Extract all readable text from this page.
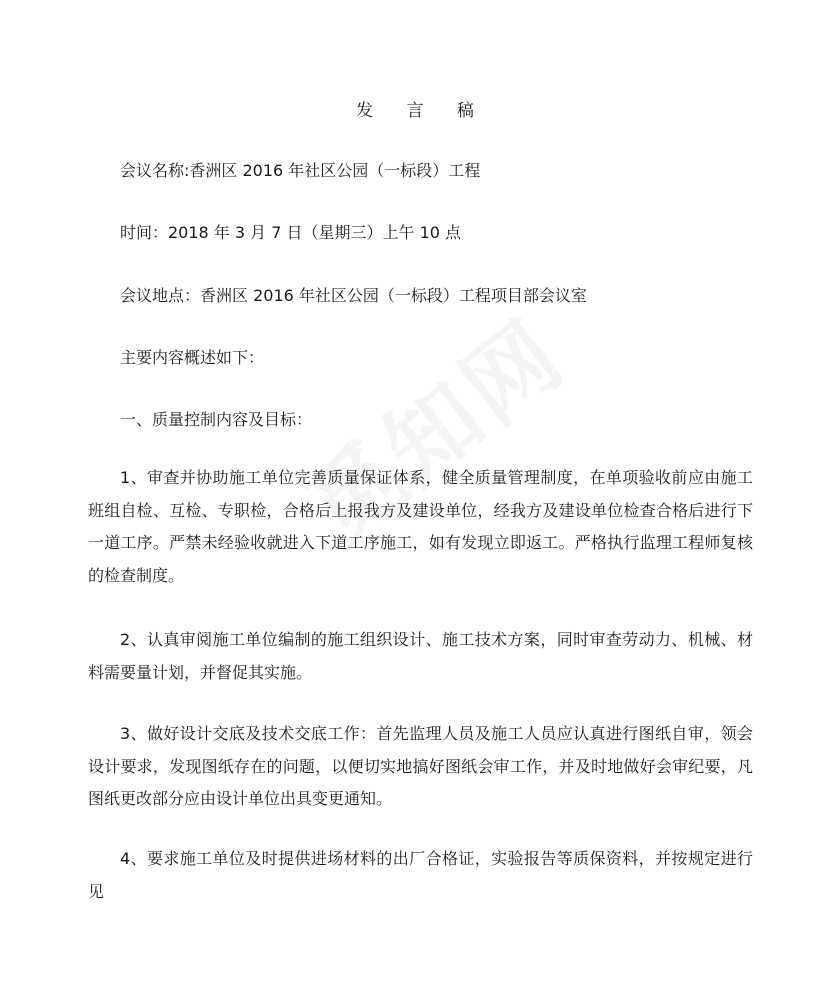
发 言 稿
会议名称:香洲区 2016 年社区公园（一标段）工程
时间：2018 年 3 月 7 日（星期三）上午 10 点
会议地点：香洲区 2016 年社区公园（一标段）工程项目部会议室
主要内容概述如下：
一、质量控制内容及目标：

1、审查并协助施工单位完善质量保证体系，健全质量管理制度，在单项验收前应由施工班组自检、互检、专职检，合格后上报我方及建设单位，经我方及建设单位检查合格后进行下一道工序。严禁未经验收就进入下道工序施工，如有发现立即返工。严格执行监理工程师复核的检查制度。

2、认真审阅施工单位编制的施工组织设计、施工技术方案，同时审查劳动力、机械、材料需要量计划，并督促其实施。

3、做好设计交底及技术交底工作：首先监理人员及施工人员应认真进行图纸自审，领会设计要求，发现图纸存在的问题，以便切实地搞好图纸会审工作，并及时地做好会审纪要，凡图纸更改部分应由设计单位出具变更通知。

4、要求施工单位及时提供进场材料的出厂合格证，实验报告等质保资料，并按规定进行见
